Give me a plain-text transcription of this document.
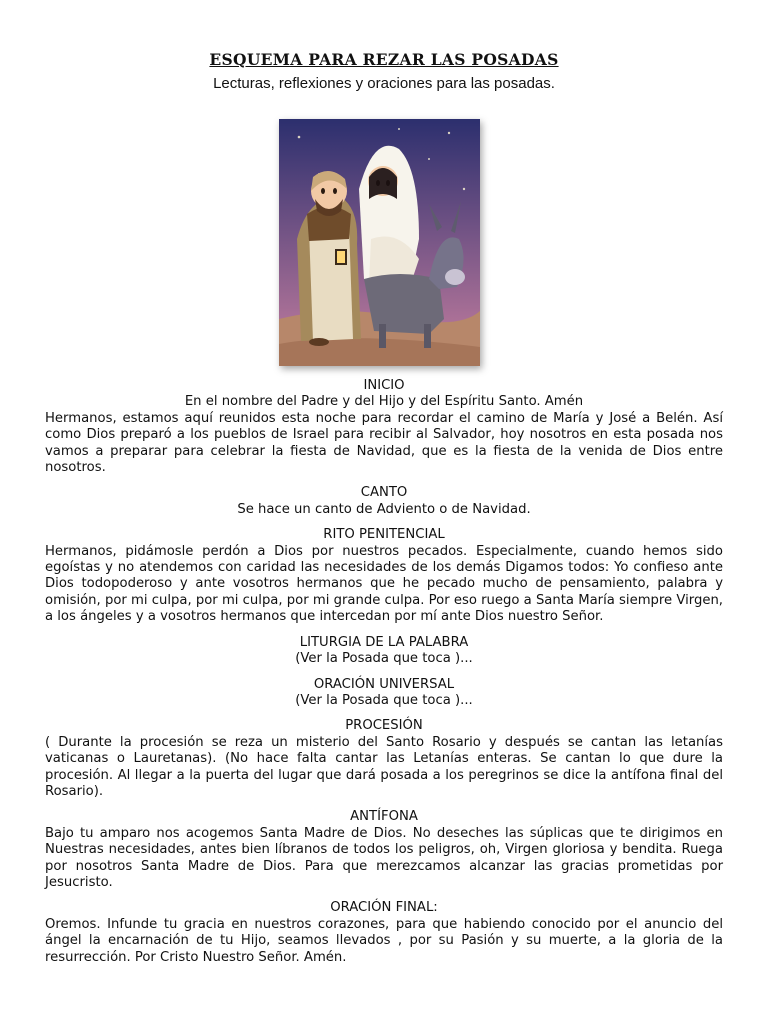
ESQUEMA PARA REZAR LAS POSADAS
Lecturas, reflexiones y oraciones para las posadas.

INICIO

En el nombre del Padre y del Hijo y del Espíritu Santo. Amén

Hermanos, estamos aquí reunidos esta noche para recordar el camino de María y José a Belén. Así como Dios preparó a los pueblos de Israel para recibir al Salvador, hoy nosotros en esta posada nos vamos a preparar para celebrar la fiesta de Navidad, que es la fiesta de la venida de Dios entre nosotros.

CANTO

Se hace un canto de Adviento o de Navidad.

RITO PENITENCIAL

Hermanos, pidámosle perdón a Dios por nuestros pecados. Especialmente, cuando hemos sido egoístas y no atendemos con caridad las necesidades de los demás Digamos todos: Yo confieso ante Dios todopoderoso y ante vosotros hermanos que he pecado mucho de pensamiento, palabra y omisión, por mi culpa, por mi culpa, por mi grande culpa. Por eso ruego a Santa María siempre Virgen, a los ángeles y a vosotros hermanos que intercedan por mí ante Dios nuestro Señor.

LITURGIA DE LA PALABRA

(Ver la Posada que toca )...

ORACIÓN UNIVERSAL

(Ver la Posada que toca )...

PROCESIÓN

( Durante la procesión se reza un misterio del Santo Rosario y después se cantan las letanías vaticanas o Lauretanas). (No hace falta cantar las Letanías enteras. Se cantan lo que dure la procesión. Al llegar a la puerta del lugar que dará posada a los peregrinos se dice la antífona final del Rosario).

ANTÍFONA

Bajo tu amparo nos acogemos Santa Madre de Dios. No deseches las súplicas que te dirigimos en Nuestras necesidades, antes bien líbranos de todos los peligros, oh, Virgen gloriosa y bendita. Ruega por nosotros Santa Madre de Dios. Para que merezcamos alcanzar las gracias prometidas por Jesucristo.

ORACIÓN FINAL:

Oremos. Infunde tu gracia en nuestros corazones, para que habiendo conocido por el anuncio del ángel la encarnación de tu Hijo, seamos llevados , por su Pasión y su muerte, a la gloria de la resurrección. Por Cristo Nuestro Señor. Amén.
